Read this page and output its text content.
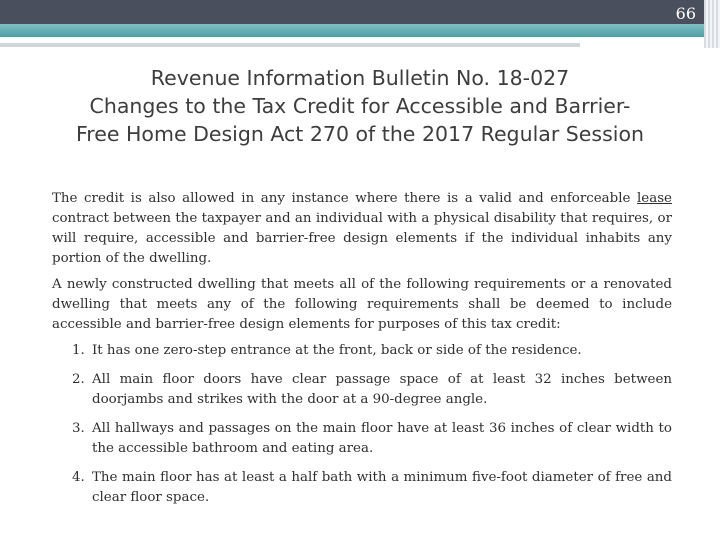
66
Revenue Information Bulletin No. 18-027
Changes to the Tax Credit for Accessible and Barrier-
Free Home Design Act 270 of the 2017 Regular Session

The credit is also allowed in any instance where there is a valid and enforceable lease contract between the taxpayer and an individual with a physical disability that requires, or will require, accessible and barrier-free design elements if the individual inhabits any portion of the dwelling.

A newly constructed dwelling that meets all of the following requirements or a renovated dwelling that meets any of the following requirements shall be deemed to include accessible and barrier-free design elements for purposes of this tax credit:

1. It has one zero-step entrance at the front, back or side of the residence.
2. All main floor doors have clear passage space of at least 32 inches between doorjambs and strikes with the door at a 90-degree angle.
3. All hallways and passages on the main floor have at least 36 inches of clear width to the accessible bathroom and eating area.
4. The main floor has at least a half bath with a minimum five-foot diameter of free and clear floor space.
